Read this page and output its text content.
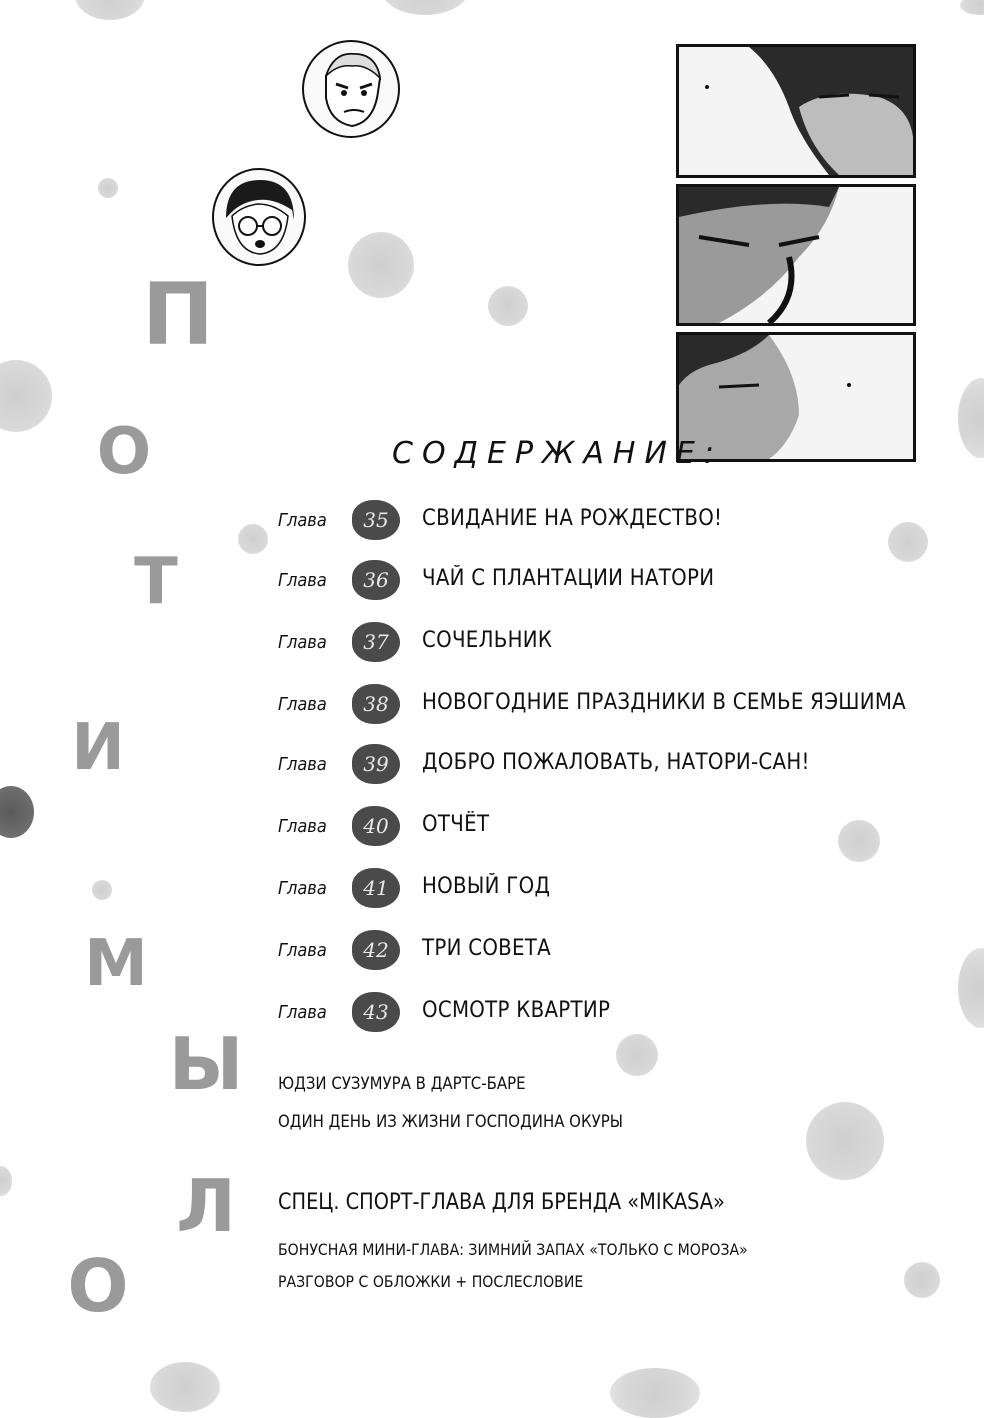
П
О
Т
И
М
Ы
Л
О
СОДЕРЖАНИЕ:
Глава	35	СВИДАНИЕ НА РОЖДЕСТВО!
Глава	36	ЧАЙ С ПЛАНТАЦИИ НАТОРИ
Глава	37	СОЧЕЛЬНИК
Глава	38	НОВОГОДНИЕ ПРАЗДНИКИ В СЕМЬЕ ЯЭШИМА
Глава	39	ДОБРО ПОЖАЛОВАТЬ, НАТОРИ-САН!
Глава	40	ОТЧЁТ
Глава	41	НОВЫЙ ГОД
Глава	42	ТРИ СОВЕТА
Глава	43	ОСМОТР КВАРТИР
ЮДЗИ СУЗУМУРА В ДАРТС-БАРЕ
ОДИН ДЕНЬ ИЗ ЖИЗНИ ГОСПОДИНА ОКУРЫ
СПЕЦ. СПОРТ-ГЛАВА ДЛЯ БРЕНДА «MIKASA»
БОНУСНАЯ МИНИ-ГЛАВА: ЗИМНИЙ ЗАПАХ «ТОЛЬКО С МОРОЗА»
РАЗГОВОР С ОБЛОЖКИ + ПОСЛЕСЛОВИЕ
